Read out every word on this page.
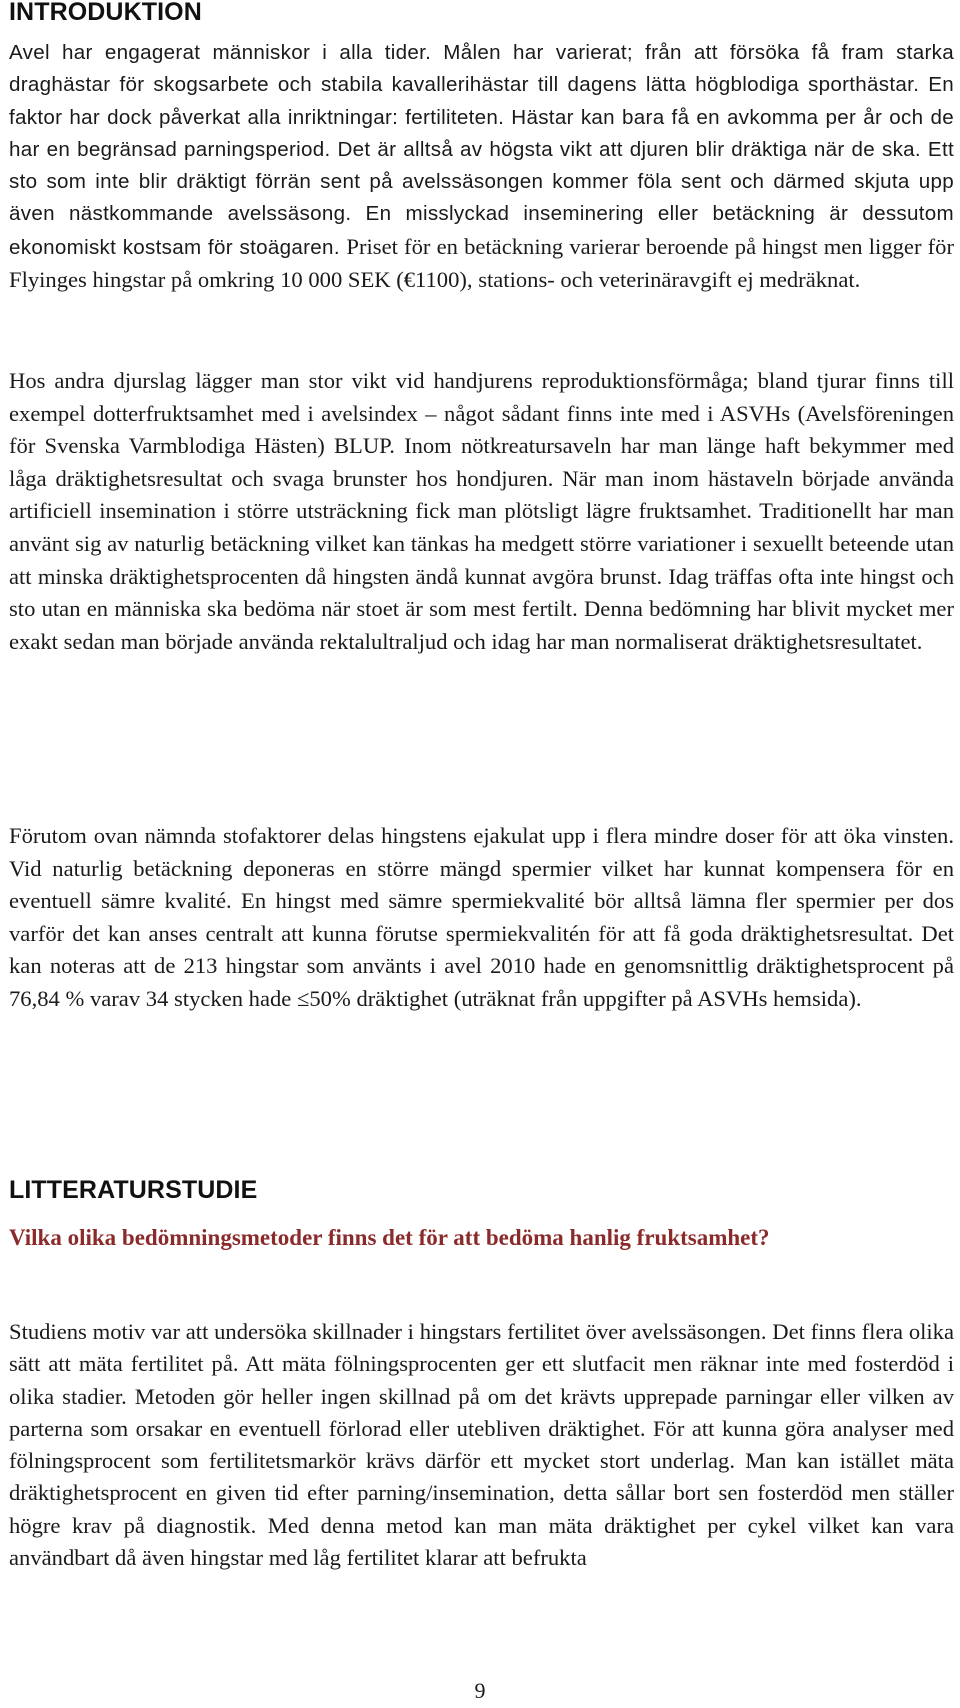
INTRODUKTION

Avel har engagerat människor i alla tider. Målen har varierat; från att försöka få fram starka draghästar för skogsarbete och stabila kavallerihästar till dagens lätta högblodiga sporthästar. En faktor har dock påverkat alla inriktningar: fertiliteten. Hästar kan bara få en avkomma per år och de har en begränsad parningsperiod. Det är alltså av högsta vikt att djuren blir dräktiga när de ska. Ett sto som inte blir dräktigt förrän sent på avelssäsongen kommer föla sent och därmed skjuta upp även nästkommande avelssäsong. En misslyckad inseminering eller betäckning är dessutom ekonomiskt kostsam för stoägaren. Priset för en betäckning varierar beroende på hingst men ligger för Flyinges hingstar på omkring 10 000 SEK (€1100), stations- och veterinäravgift ej medräknat.

Hos andra djurslag lägger man stor vikt vid handjurens reproduktionsförmåga; bland tjurar finns till exempel dotterfruktsamhet med i avelsindex – något sådant finns inte med i ASVHs (Avelsföreningen för Svenska Varmblodiga Hästen) BLUP. Inom nötkreatursaveln har man länge haft bekymmer med låga dräktighetsresultat och svaga brunster hos hondjuren. När man inom hästaveln började använda artificiell insemination i större utsträckning fick man plötsligt lägre fruktsamhet. Traditionellt har man använt sig av naturlig betäckning vilket kan tänkas ha medgett större variationer i sexuellt beteende utan att minska dräktighetsprocenten då hingsten ändå kunnat avgöra brunst. Idag träffas ofta inte hingst och sto utan en människa ska bedöma när stoet är som mest fertilt. Denna bedömning har blivit mycket mer exakt sedan man började använda rektalultraljud och idag har man normaliserat dräktighetsresultatet.

Förutom ovan nämnda stofaktorer delas hingstens ejakulat upp i flera mindre doser för att öka vinsten. Vid naturlig betäckning deponeras en större mängd spermier vilket har kunnat kompensera för en eventuell sämre kvalité. En hingst med sämre spermiekvalité bör alltså lämna fler spermier per dos varför det kan anses centralt att kunna förutse spermiekvalitén för att få goda dräktighetsresultat. Det kan noteras att de 213 hingstar som använts i avel 2010 hade en genomsnittlig dräktighetsprocent på 76,84 % varav 34 stycken hade ≤50% dräktighet (uträknat från uppgifter på ASVHs hemsida).

LITTERATURSTUDIE
Vilka olika bedömningsmetoder finns det för att bedöma hanlig fruktsamhet?

Studiens motiv var att undersöka skillnader i hingstars fertilitet över avelssäsongen. Det finns flera olika sätt att mäta fertilitet på. Att mäta fölningsprocenten ger ett slutfacit men räknar inte med fosterdöd i olika stadier. Metoden gör heller ingen skillnad på om det krävts upprepade parningar eller vilken av parterna som orsakar en eventuell förlorad eller utebliven dräktighet. För att kunna göra analyser med fölningsprocent som fertilitetsmarkör krävs därför ett mycket stort underlag. Man kan istället mäta dräktighetsprocent en given tid efter parning/insemination, detta sållar bort sen fosterdöd men ställer högre krav på diagnostik. Med denna metod kan man mäta dräktighet per cykel vilket kan vara användbart då även hingstar med låg fertilitet klarar att befrukta

9
